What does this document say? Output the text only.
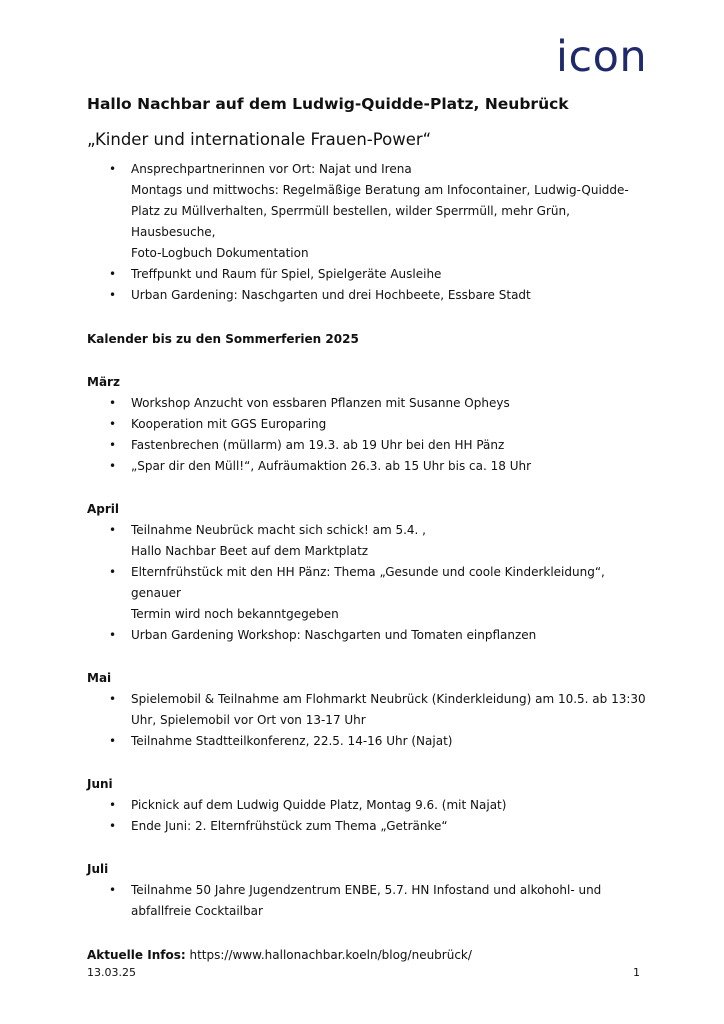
icon
Hallo Nachbar auf dem Ludwig-Quidde-Platz, Neubrück
„Kinder und internationale Frauen-Power“
• Ansprechpartnerinnen vor Ort: Najat und Irena
Montags und mittwochs: Regelmäßige Beratung am Infocontainer, Ludwig-Quidde-
Platz zu Müllverhalten, Sperrmüll bestellen, wilder Sperrmüll, mehr Grün, Hausbesuche,
Foto-Logbuch Dokumentation
• Treffpunkt und Raum für Spiel, Spielgeräte Ausleihe
• Urban Gardening: Naschgarten und drei Hochbeete, Essbare Stadt
Kalender bis zu den Sommerferien 2025
März
• Workshop Anzucht von essbaren Pflanzen mit Susanne Opheys
• Kooperation mit GGS Europaring
• Fastenbrechen (müllarm) am 19.3. ab 19 Uhr bei den HH Pänz
• „Spar dir den Müll!“, Aufräumaktion 26.3. ab 15 Uhr bis ca. 18 Uhr
April
• Teilnahme Neubrück macht sich schick! am 5.4. ,
Hallo Nachbar Beet auf dem Marktplatz
• Elternfrühstück mit den HH Pänz: Thema „Gesunde und coole Kinderkleidung“, genauer
Termin wird noch bekanntgegeben
• Urban Gardening Workshop: Naschgarten und Tomaten einpflanzen
Mai
• Spielemobil & Teilnahme am Flohmarkt Neubrück (Kinderkleidung) am 10.5. ab 13:30
Uhr, Spielemobil vor Ort von 13-17 Uhr
• Teilnahme Stadtteilkonferenz, 22.5. 14-16 Uhr (Najat)
Juni
• Picknick auf dem Ludwig Quidde Platz, Montag 9.6. (mit Najat)
• Ende Juni: 2. Elternfrühstück zum Thema „Getränke“
Juli
• Teilnahme 50 Jahre Jugendzentrum ENBE, 5.7. HN Infostand und alkohohl- und
abfallfreie Cocktailbar
Aktuelle Infos: https://www.hallonachbar.koeln/blog/neubrück/
13.03.25	1
